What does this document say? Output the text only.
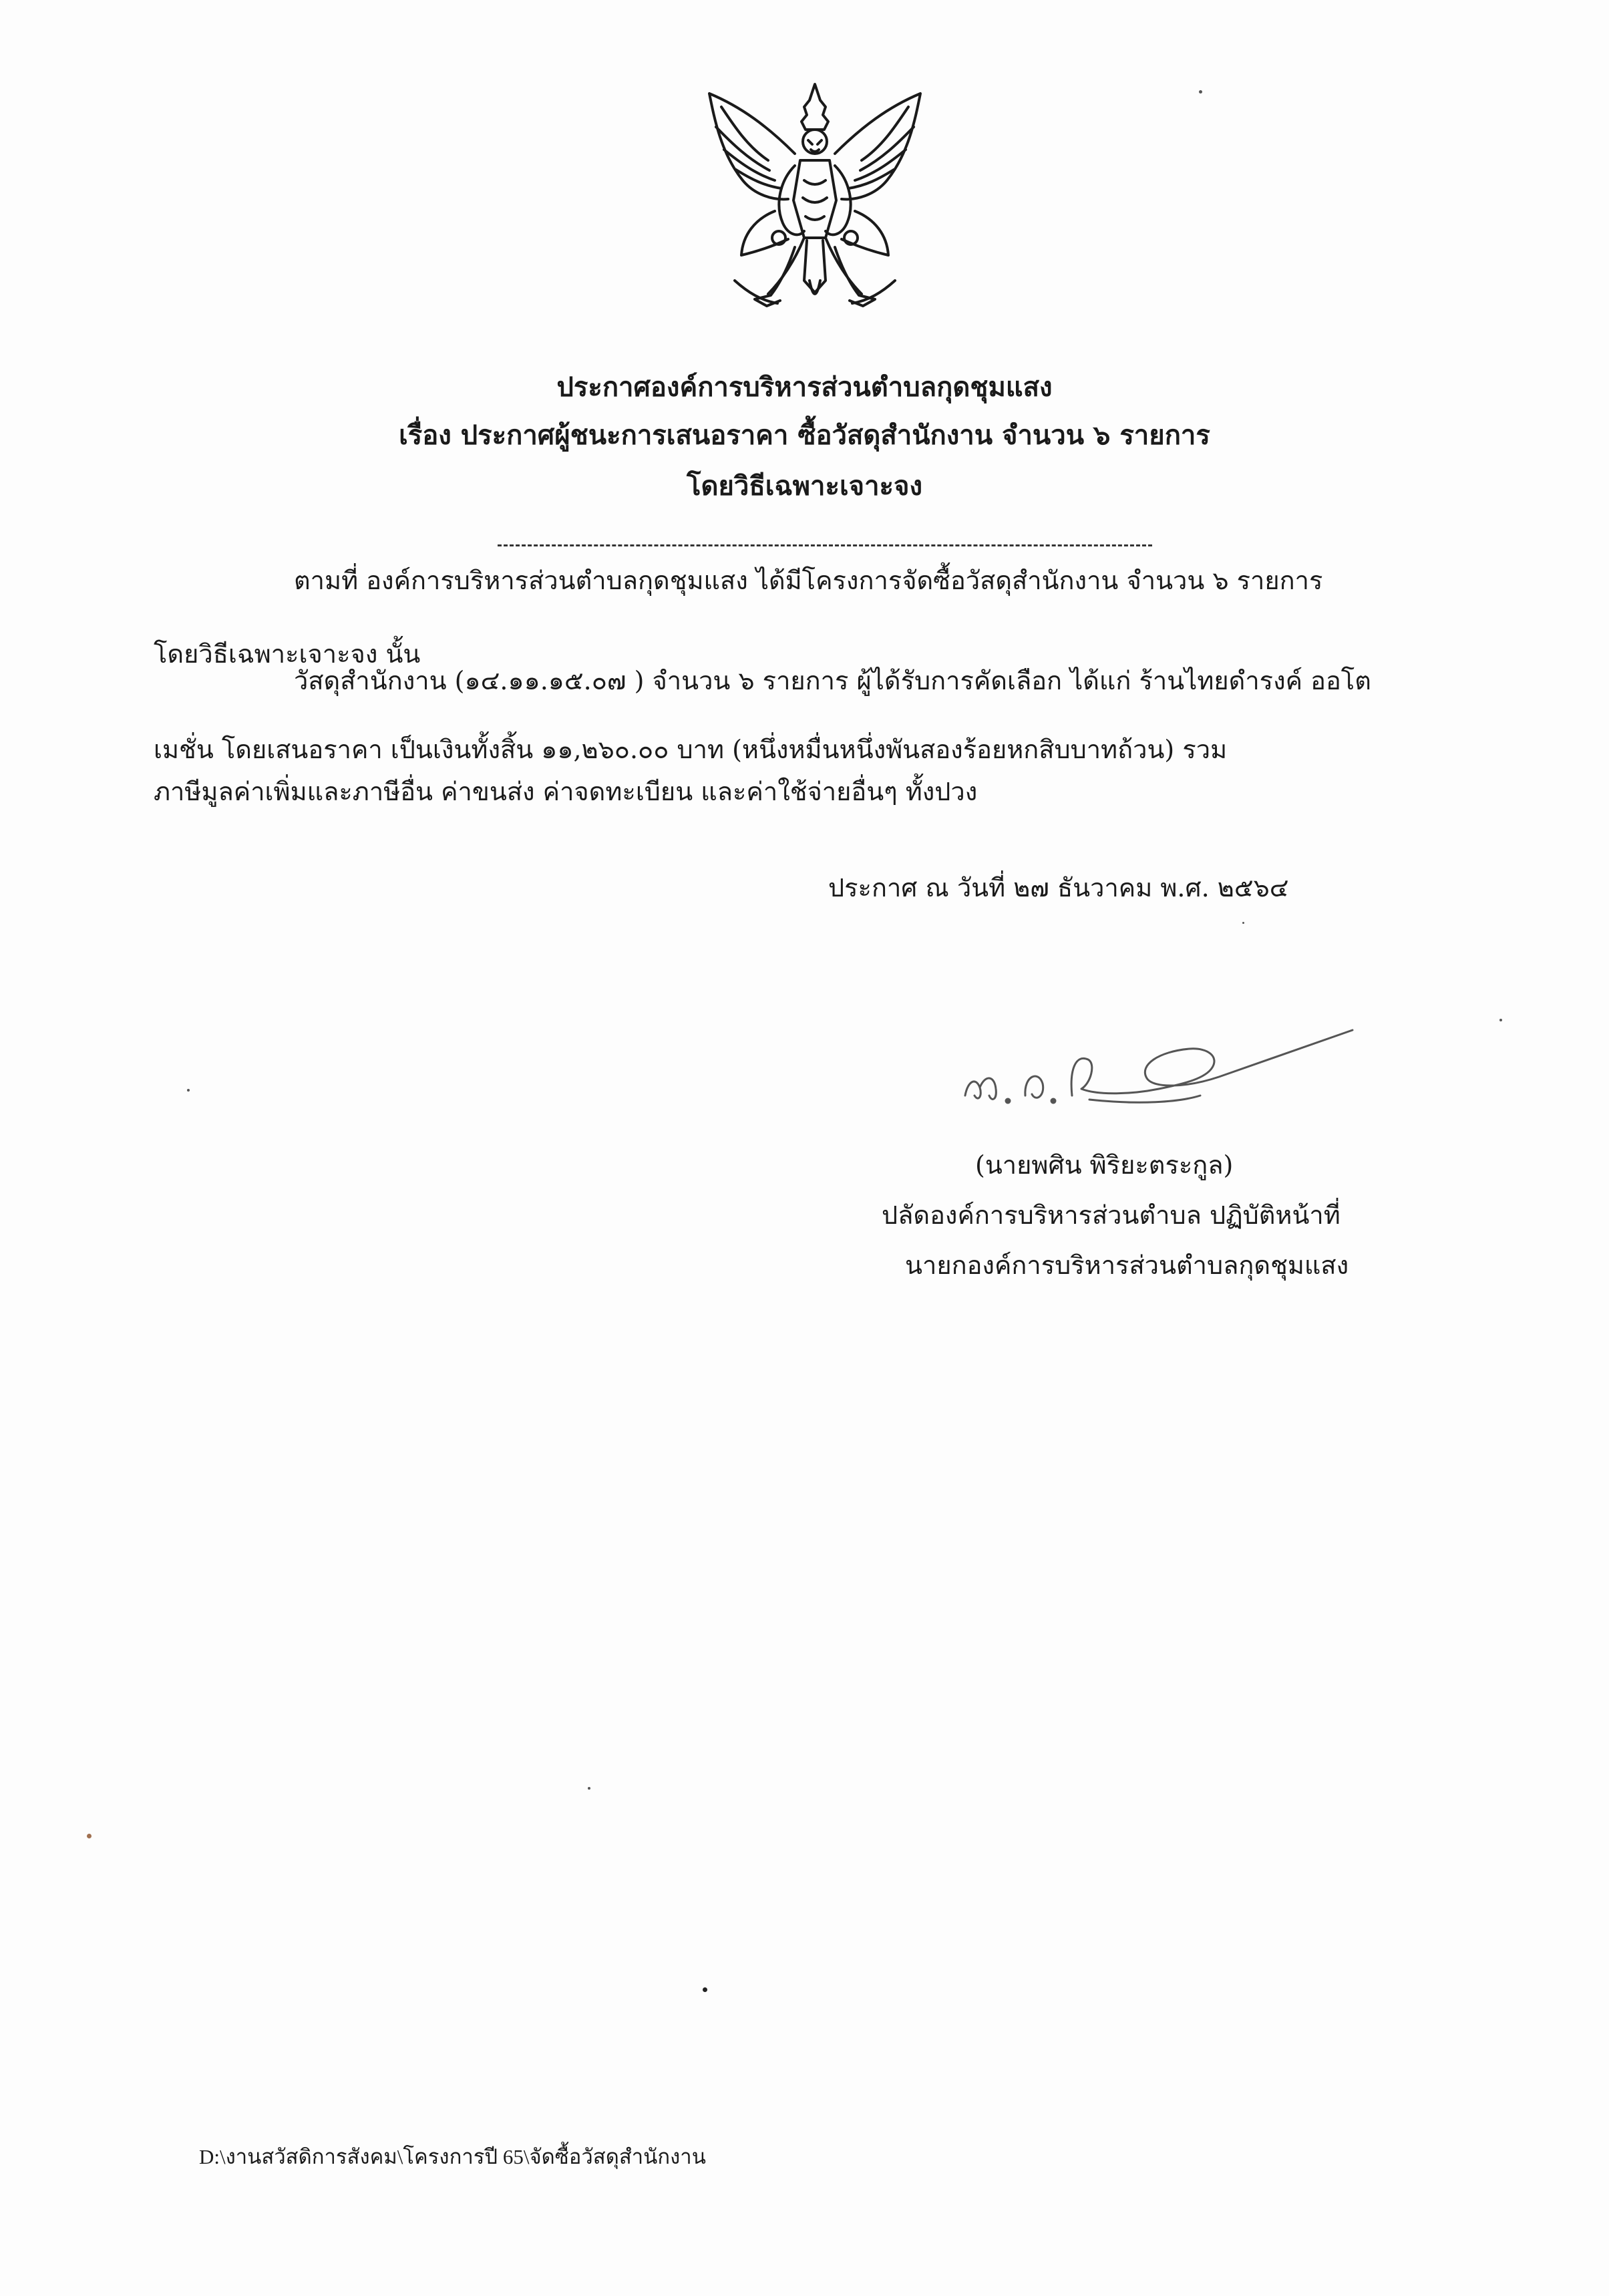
ประกาศองค์การบริหารส่วนตำบลกุดชุมแสง
เรื่อง ประกาศผู้ชนะการเสนอราคา ซื้อวัสดุสำนักงาน จำนวน ๖ รายการ
โดยวิธีเฉพาะเจาะจง
ตามที่ องค์การบริหารส่วนตำบลกุดชุมแสง ได้มีโครงการจัดซื้อวัสดุสำนักงาน จำนวน ๖ รายการ
โดยวิธีเฉพาะเจาะจง นั้น
วัสดุสำนักงาน (๑๔.๑๑.๑๕.๐๗ ) จำนวน ๖ รายการ ผู้ได้รับการคัดเลือก ได้แก่ ร้านไทยดำรงค์ ออโต
เมชั่น โดยเสนอราคา เป็นเงินทั้งสิ้น ๑๑,๒๖๐.๐๐ บาท (หนึ่งหมื่นหนึ่งพันสองร้อยหกสิบบาทถ้วน) รวม
ภาษีมูลค่าเพิ่มและภาษีอื่น ค่าขนส่ง ค่าจดทะเบียน และค่าใช้จ่ายอื่นๆ ทั้งปวง
ประกาศ ณ วันที่ ๒๗ ธันวาคม พ.ศ. ๒๕๖๔
(นายพศิน พิริยะตระกูล)
ปลัดองค์การบริหารส่วนตำบล ปฏิบัติหน้าที่
นายกองค์การบริหารส่วนตำบลกุดชุมแสง
D:\งานสวัสดิการสังคม\โครงการปี 65\จัดซื้อวัสดุสำนักงาน
